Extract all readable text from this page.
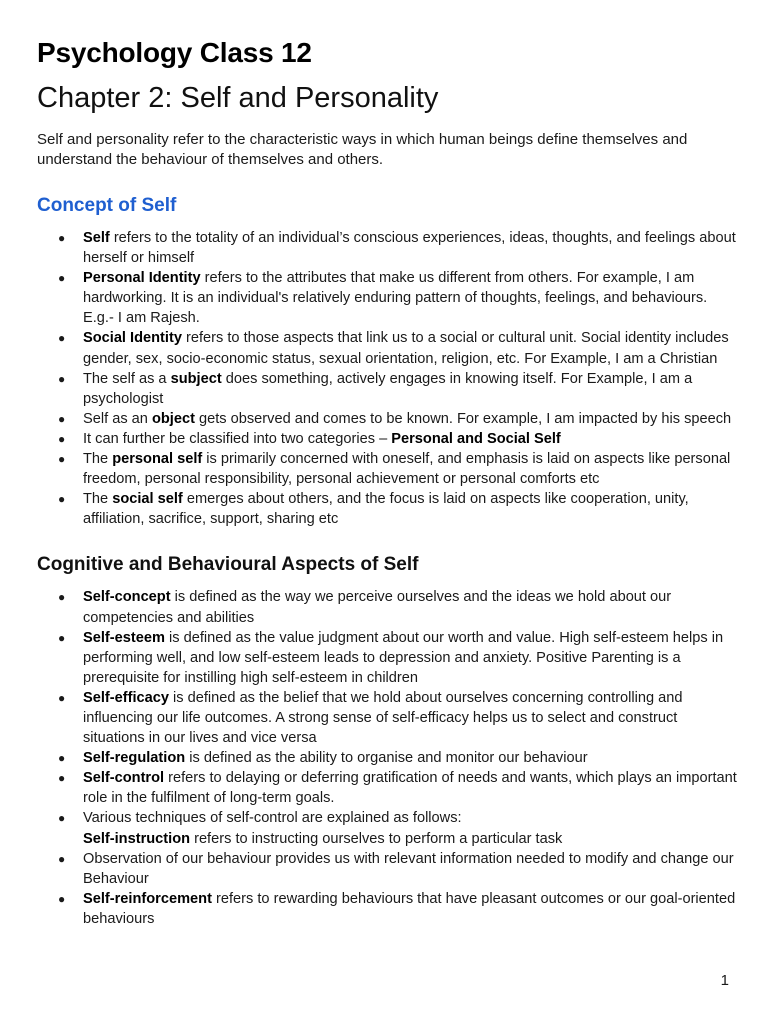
Psychology Class 12
Chapter 2: Self and Personality

Self and personality refer to the characteristic ways in which human beings define themselves and understand the behaviour of themselves and others.

Concept of Self
● Self refers to the totality of an individual’s conscious experiences, ideas, thoughts, and feelings about herself or himself
● Personal Identity refers to the attributes that make us different from others. For example, I am hardworking. It is an individual's relatively enduring pattern of thoughts, feelings, and behaviours. E.g.- I am Rajesh.
● Social Identity refers to those aspects that link us to a social or cultural unit. Social identity includes gender, sex, socio-economic status, sexual orientation, religion, etc. For Example, I am a Christian
● The self as a subject does something, actively engages in knowing itself. For Example, I am a psychologist
● Self as an object gets observed and comes to be known. For example, I am impacted by his speech
● It can further be classified into two categories – Personal and Social Self
● The personal self is primarily concerned with oneself, and emphasis is laid on aspects like personal freedom, personal responsibility, personal achievement or personal comforts etc
● The social self emerges about others, and the focus is laid on aspects like cooperation, unity, affiliation, sacrifice, support, sharing etc
Cognitive and Behavioural Aspects of Self
● Self-concept is defined as the way we perceive ourselves and the ideas we hold about our competencies and abilities
● Self-esteem is defined as the value judgment about our worth and value. High self-esteem helps in performing well, and low self-esteem leads to depression and anxiety. Positive Parenting is a prerequisite for instilling high self-esteem in children
● Self-efficacy is defined as the belief that we hold about ourselves concerning controlling and influencing our life outcomes. A strong sense of self-efficacy helps us to select and construct situations in our lives and vice versa
● Self-regulation is defined as the ability to organise and monitor our behaviour
● Self-control refers to delaying or deferring gratification of needs and wants, which plays an important role in the fulfilment of long-term goals.
● Various techniques of self-control are explained as follows:
Self-instruction refers to instructing ourselves to perform a particular task
● Observation of our behaviour provides us with relevant information needed to modify and change our Behaviour
● Self-reinforcement refers to rewarding behaviours that have pleasant outcomes or our goal-oriented behaviours
1
